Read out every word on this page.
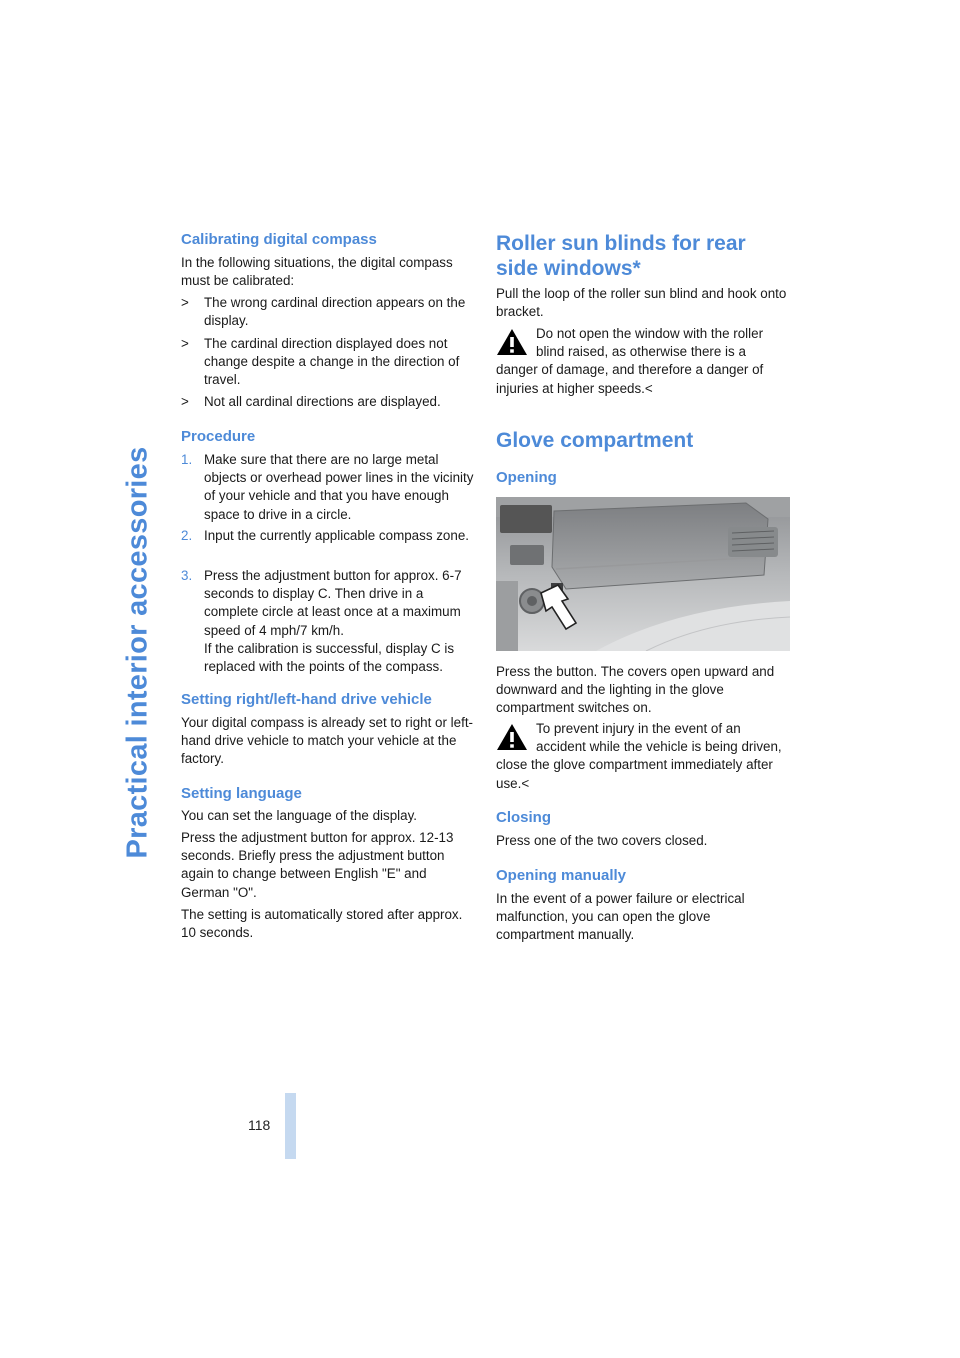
Practical interior accessories
118
Calibrating digital compass

In the following situations, the digital compass must be calibrated:

> The wrong cardinal direction appears on the display.
> The cardinal direction displayed does not change despite a change in the direction of travel.
> Not all cardinal directions are displayed.
Procedure
1. Make sure that there are no large metal objects or overhead power lines in the vicinity of your vehicle and that you have enough space to drive in a circle.
2. Input the currently applicable compass zone.
3. Press the adjustment button for approx. 6-7 seconds to display C. Then drive in a complete circle at least once at a maximum speed of 4 mph/7 km/h.
If the calibration is successful, display C is replaced with the points of the compass.
Setting right/left-hand drive vehicle

Your digital compass is already set to right or left-hand drive vehicle to match your vehicle at the factory.

Setting language

You can set the language of the display.

Press the adjustment button for approx. 12-13 seconds. Briefly press the adjustment button again to change between English "E" and German "O".

The setting is automatically stored after approx. 10 seconds.

Roller sun blinds for rear side windows*

Pull the loop of the roller sun blind and hook onto bracket.

Do not open the window with the roller blind raised, as otherwise there is a danger of damage, and therefore a danger of injuries at higher speeds.<
Glove compartment
Opening

Press the button. The covers open upward and downward and the lighting in the glove compartment switches on.

To prevent injury in the event of an accident while the vehicle is being driven, close the glove compartment immediately after use.<
Closing

Press one of the two covers closed.

Opening manually

In the event of a power failure or electrical malfunction, you can open the glove compartment manually.
